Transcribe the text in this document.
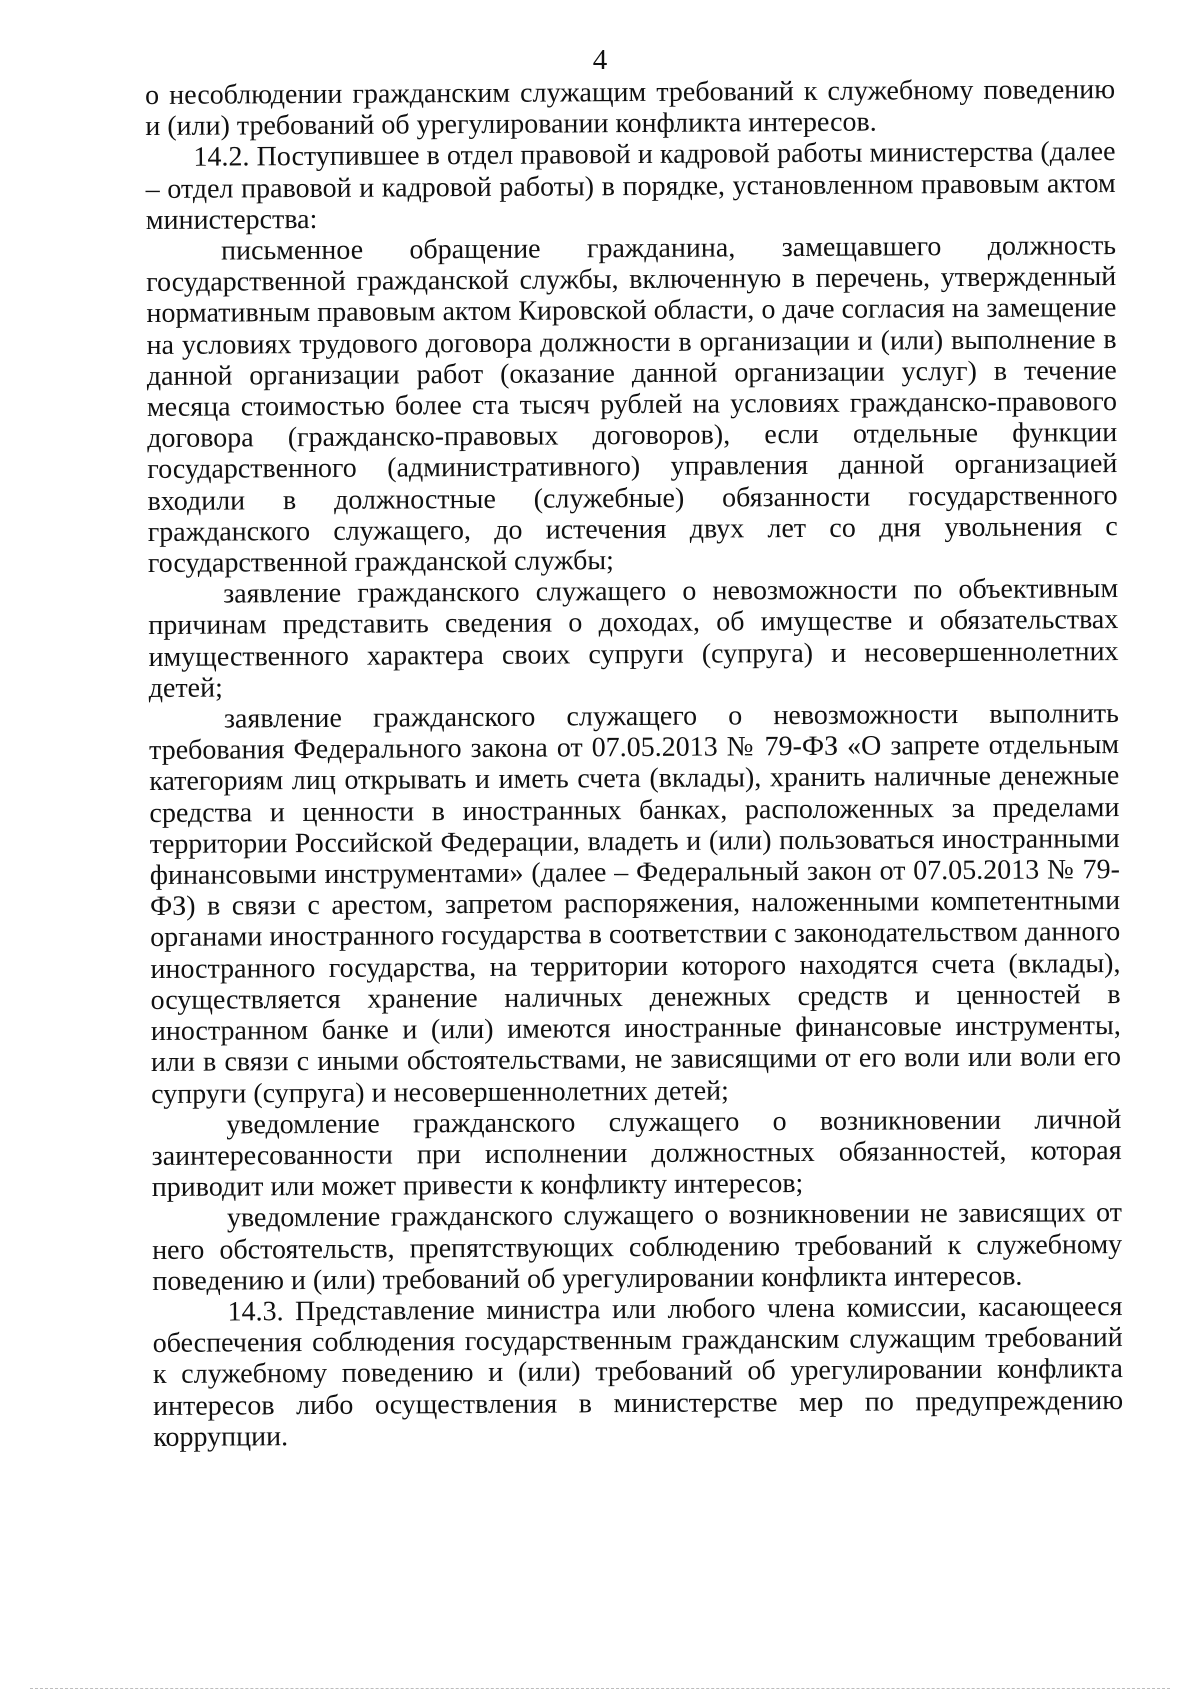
4

о несоблюдении гражданским служащим требований к служебному поведению и (или) требований об урегулировании конфликта интересов.

14.2. Поступившее в отдел правовой и кадровой работы министерства (далее – отдел правовой и кадровой работы) в порядке, установленном правовым актом министерства:

письменное обращение гражданина, замещавшего должность государственной гражданской службы, включенную в перечень, утвержденный нормативным правовым актом Кировской области, о даче согласия на замещение на условиях трудового договора должности в организации и (или) выполнение в данной организации работ (оказание данной организации услуг) в течение месяца стоимостью более ста тысяч рублей на условиях гражданско-правового договора (гражданско-правовых договоров), если отдельные функции государственного (административного) управления данной организацией входили в должностные (служебные) обязанности государственного гражданского служащего, до истечения двух лет со дня увольнения с государственной гражданской службы;

заявление гражданского служащего о невозможности по объективным причинам представить сведения о доходах, об имуществе и обязательствах имущественного характера своих супруги (супруга) и несовершеннолетних детей;

заявление гражданского служащего о невозможности выполнить требования Федерального закона от 07.05.2013 № 79-ФЗ «О запрете отдельным категориям лиц открывать и иметь счета (вклады), хранить наличные денежные средства и ценности в иностранных банках, расположенных за пределами территории Российской Федерации, владеть и (или) пользоваться иностранными финансовыми инструментами» (далее – Федеральный закон от 07.05.2013 № 79-ФЗ) в связи с арестом, запретом распоряжения, наложенными компетентными органами иностранного государства в соответствии с законодательством данного иностранного государства, на территории которого находятся счета (вклады), осуществляется хранение наличных денежных средств и ценностей в иностранном банке и (или) имеются иностранные финансовые инструменты, или в связи с иными обстоятельствами, не зависящими от его воли или воли его супруги (супруга) и несовершеннолетних детей;

уведомление гражданского служащего о возникновении личной заинтересованности при исполнении должностных обязанностей, которая приводит или может привести к конфликту интересов;

уведомление гражданского служащего о возникновении не зависящих от него обстоятельств, препятствующих соблюдению требований к служебному поведению и (или) требований об урегулировании конфликта интересов.

14.3. Представление министра или любого члена комиссии, касающееся обеспечения соблюдения государственным гражданским служащим требований к служебному поведению и (или) требований об урегулировании конфликта интересов либо осуществления в министерстве мер по предупреждению коррупции.
